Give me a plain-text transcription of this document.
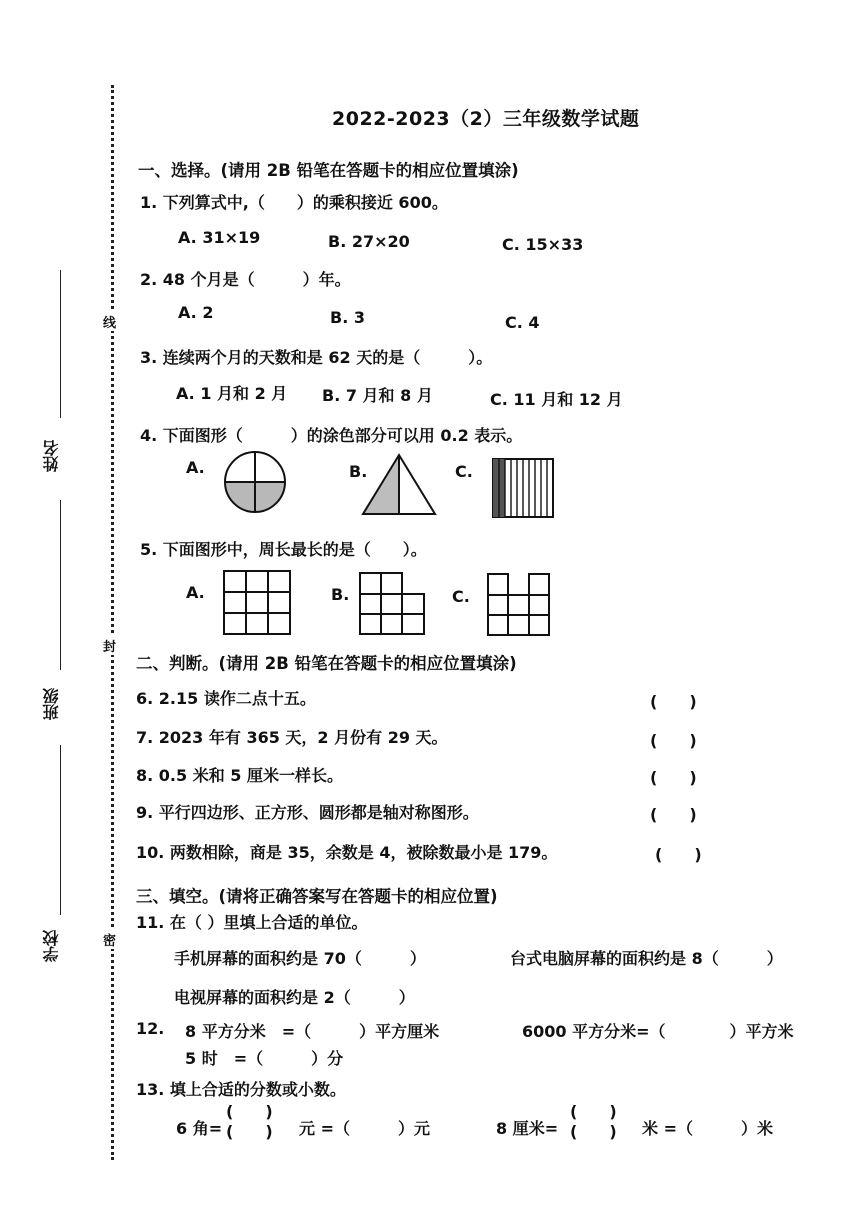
线
封
密
姓名
班级
学校
2022-2023（2）三年级数学试题
一、选择。(请用 2B 铅笔在答题卡的相应位置填涂)
1. 下列算式中,（　　）的乘积接近 600。
A. 31×19	B. 27×20	C. 15×33
2. 48 个月是（　　　）年。
A. 2	B. 3	C. 4
3. 连续两个月的天数和是 62 天的是（　　　）。
A. 1 月和 2 月 B. 7 月和 8 月	C. 11 月和 12 月
4. 下面图形（　　　）的涂色部分可以用 0.2 表示。
A.	B.	C.
5. 下面图形中，周长最长的是（　　）。
A.	B.	C.
二、判断。(请用 2B 铅笔在答题卡的相应位置填涂)
6. 2.15 读作二点十五。	(　　)
7. 2023 年有 365 天，2 月份有 29 天。	(　　)
8. 0.5 米和 5 厘米一样长。	(　　)
9. 平行四边形、正方形、圆形都是轴对称图形。	(　　)
10. 两数相除，商是 35，余数是 4，被除数最小是 179。	(　　)
三、填空。(请将正确答案写在答题卡的相应位置)
11. 在（ ）里填上合适的单位。
手机屏幕的面积约是 70（　　　）	台式电脑屏幕的面积约是 8（　　　）
电视屏幕的面积约是 2（　　　）
12. 8 平方分米　=（　　　）平方厘米	6000 平方分米=（　　　　）平方米
5 时　=（　　　）分
13. 填上合适的分数或小数。
6 角=
(　　)
(　　) 元 =（　　　）元	8 厘米=
(　　)
(　　) 米 =（　　　）米
